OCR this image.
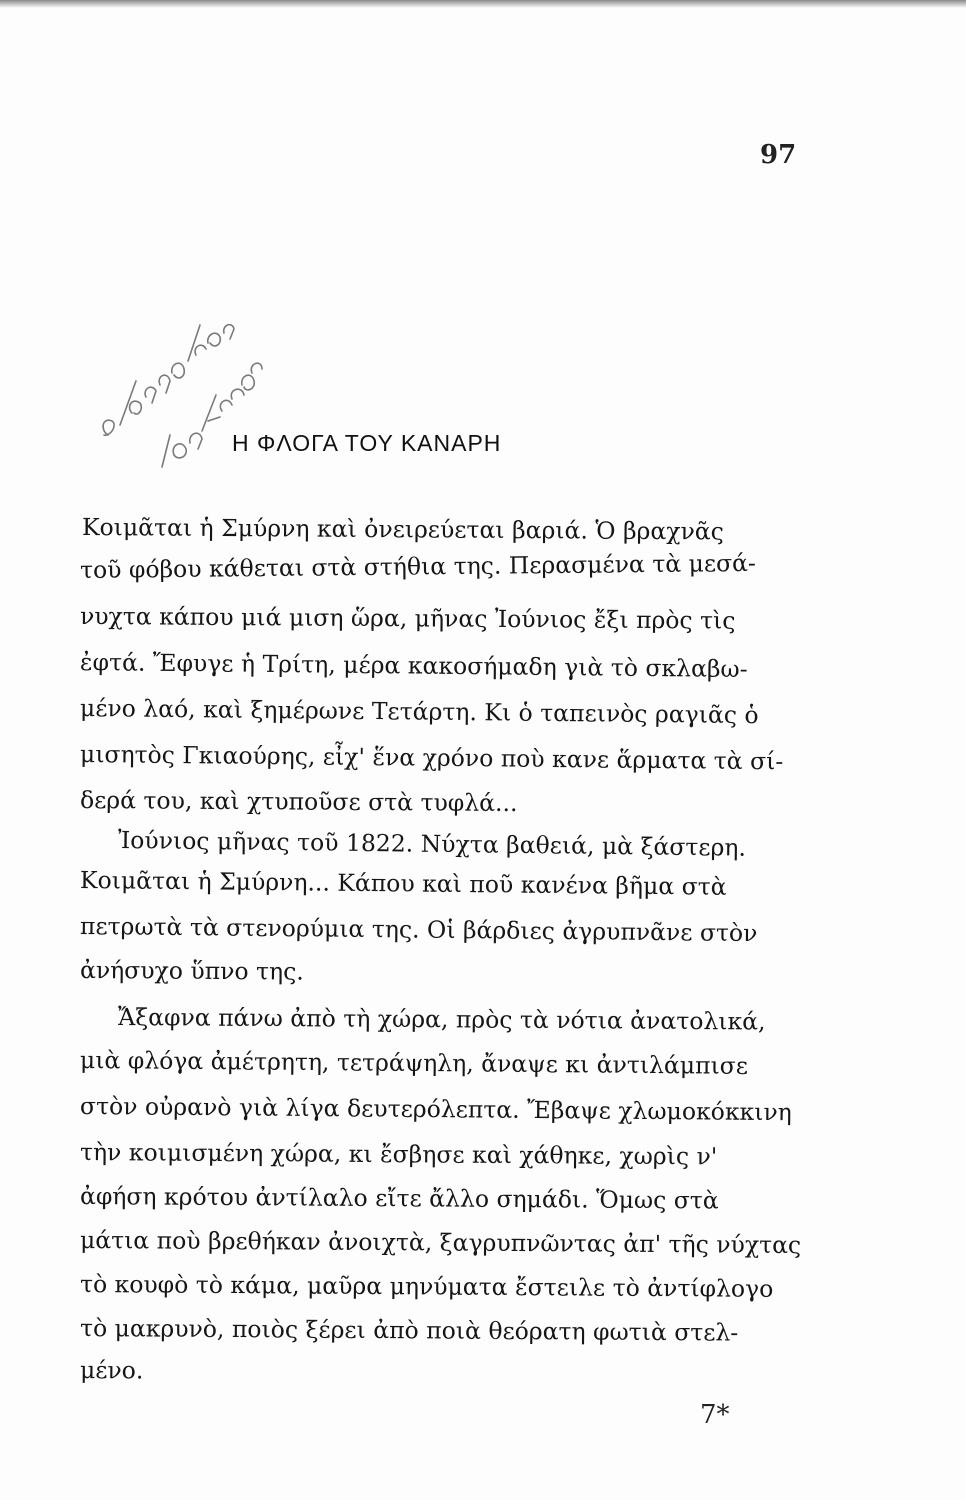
97
Η ΦΛΟΓΑ ΤΟΥ ΚΑΝΑΡΗ
Κοιμᾶται ἡ Σμύρνη καὶ ὀνειρεύεται βαριά. Ὁ βραχνᾶς
τοῦ φόβου κάθεται στὰ στήθια της. Περασμένα τὰ μεσά-
νυχτα κάπου μιά μιση ὥρα, μῆνας Ἰούνιος ἔξι πρὸς τὶς
ἐφτά. Ἔφυγε ἡ Τρίτη, μέρα κακοσήμαδη γιὰ τὸ σκλαβω-
μένο λαό, καὶ ξημέρωνε Τετάρτη. Κι ὁ ταπεινὸς ραγιᾶς ὁ
μισητὸς Γκιαούρης, εἶχ' ἕνα χρόνο ποὺ κανε ἅρματα τὰ σί-
δερά του, καὶ χτυποῦσε στὰ τυφλά...
Ἰούνιος μῆνας τοῦ 1822. Νύχτα βαθειά, μὰ ξάστερη.
Κοιμᾶται ἡ Σμύρνη... Κάπου καὶ ποῦ κανένα βῆμα στὰ
πετρωτὰ τὰ στενορύμια της. Οἱ βάρδιες ἀγρυπνᾶνε στὸν
ἀνήσυχο ὕπνο της.
Ἄξαφνα πάνω ἀπὸ τὴ χώρα, πρὸς τὰ νότια ἀνατολικά,
μιὰ φλόγα ἀμέτρητη, τετράψηλη, ἄναψε κι ἀντιλάμπισε
στὸν οὐρανὸ γιὰ λίγα δευτερόλεπτα. Ἔβαψε χλωμοκόκκινη
τὴν κοιμισμένη χώρα, κι ἔσβησε καὶ χάθηκε, χωρὶς ν'
ἀφήση κρότου ἀντίλαλο εἴτε ἄλλο σημάδι. Ὅμως στὰ
μάτια ποὺ βρεθήκαν ἀνοιχτὰ, ξαγρυπνῶντας ἀπ' τῆς νύχτας
τὸ κουφὸ τὸ κάμα, μαῦρα μηνύματα ἔστειλε τὸ ἀντίφλογο
τὸ μακρυνὸ, ποιὸς ξέρει ἀπὸ ποιὰ θεόρατη φωτιὰ στελ-
μένο.
7*
